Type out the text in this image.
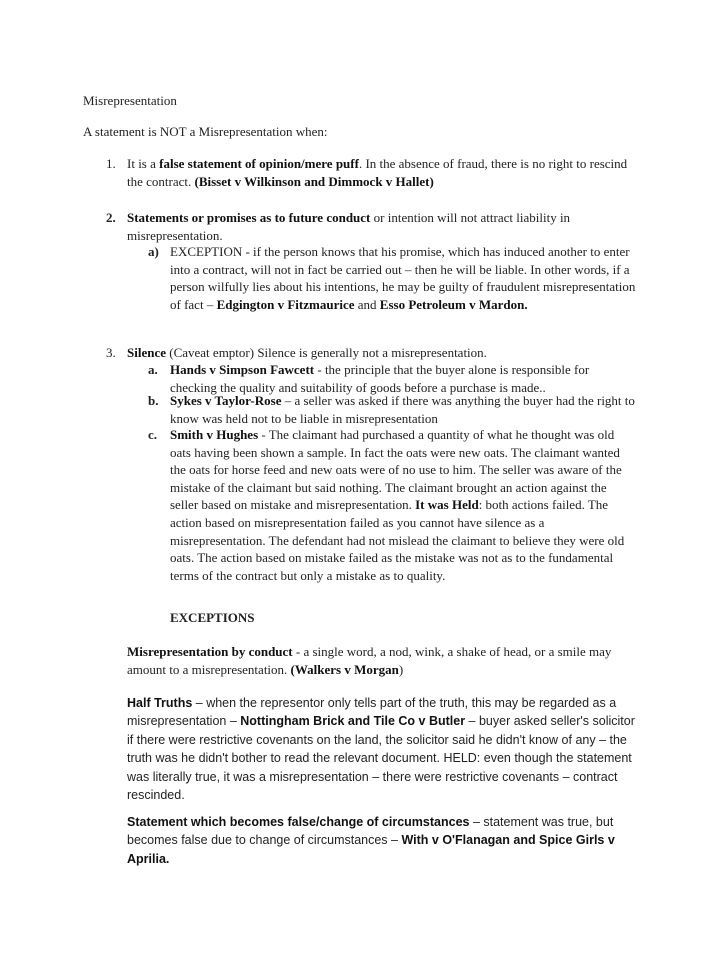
Misrepresentation
A statement is NOT a Misrepresentation when:
1. It is a false statement of opinion/mere puff. In the absence of fraud, there is no right to rescind the contract. (Bisset v Wilkinson and Dimmock v Hallet)
2. Statements or promises as to future conduct or intention will not attract liability in misrepresentation.
a) EXCEPTION - if the person knows that his promise, which has induced another to enter into a contract, will not in fact be carried out – then he will be liable. In other words, if a person wilfully lies about his intentions, he may be guilty of fraudulent misrepresentation of fact – Edgington v Fitzmaurice and Esso Petroleum v Mardon.
3. Silence (Caveat emptor) Silence is generally not a misrepresentation.
a. Hands v Simpson Fawcett - the principle that the buyer alone is responsible for checking the quality and suitability of goods before a purchase is made..
b. Sykes v Taylor-Rose – a seller was asked if there was anything the buyer had the right to know was held not to be liable in misrepresentation
c. Smith v Hughes - The claimant had purchased a quantity of what he thought was old oats having been shown a sample. In fact the oats were new oats. The claimant wanted the oats for horse feed and new oats were of no use to him. The seller was aware of the mistake of the claimant but said nothing. The claimant brought an action against the seller based on mistake and misrepresentation. It was Held: both actions failed. The action based on misrepresentation failed as you cannot have silence as a misrepresentation. The defendant had not mislead the claimant to believe they were old oats. The action based on mistake failed as the mistake was not as to the fundamental terms of the contract but only a mistake as to quality.
EXCEPTIONS
Misrepresentation by conduct - a single word, a nod, wink, a shake of head, or a smile may amount to a misrepresentation. (Walkers v Morgan)
Half Truths – when the representor only tells part of the truth, this may be regarded as a misrepresentation – Nottingham Brick and Tile Co v Butler – buyer asked seller's solicitor if there were restrictive covenants on the land, the solicitor said he didn't know of any – the truth was he didn't bother to read the relevant document. HELD: even though the statement was literally true, it was a misrepresentation – there were restrictive covenants – contract rescinded.
Statement which becomes false/change of circumstances – statement was true, but becomes false due to change of circumstances – With v O'Flanagan and Spice Girls v Aprilia.
